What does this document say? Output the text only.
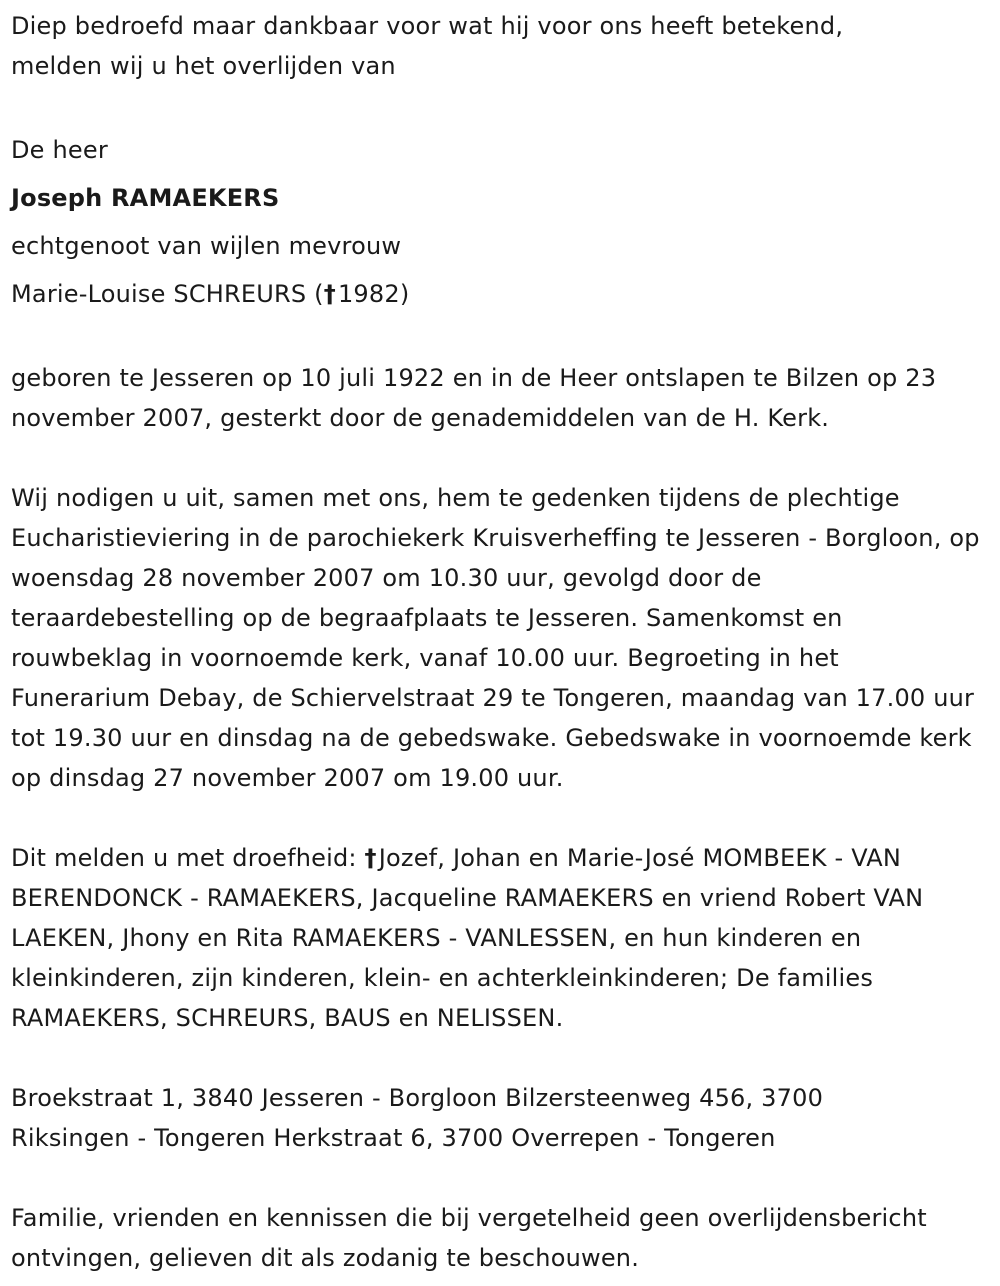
Diep bedroefd maar dankbaar voor wat hij voor ons heeft betekend, melden wij u het overlijden van

De heer

Joseph RAMAEKERS

echtgenoot van wijlen mevrouw

Marie-Louise SCHREURS (†1982)

geboren te Jesseren op 10 juli 1922 en in de Heer ontslapen te Bilzen op 23 november 2007, gesterkt door de genademiddelen van de H. Kerk.

Wij nodigen u uit, samen met ons, hem te gedenken tijdens de plechtige Eucharistieviering in de parochiekerk Kruisverheffing te Jesseren - Borgloon, op woensdag 28 november 2007 om 10.30 uur, gevolgd door de teraardebestelling op de begraafplaats te Jesseren. Samenkomst en rouwbeklag in voornoemde kerk, vanaf 10.00 uur. Begroeting in het Funerarium Debay, de Schiervelstraat 29 te Tongeren, maandag van 17.00 uur tot 19.30 uur en dinsdag na de gebedswake. Gebedswake in voornoemde kerk op dinsdag 27 november 2007 om 19.00 uur.

Dit melden u met droefheid: †Jozef, Johan en Marie-José MOMBEEK - VAN BERENDONCK - RAMAEKERS, Jacqueline RAMAEKERS en vriend Robert VAN LAEKEN, Jhony en Rita RAMAEKERS - VANLESSEN, en hun kinderen en kleinkinderen, zijn kinderen, klein- en achterkleinkinderen; De families RAMAEKERS, SCHREURS, BAUS en NELISSEN.

Broekstraat 1, 3840 Jesseren - Borgloon Bilzersteenweg 456, 3700 Riksingen - Tongeren Herkstraat 6, 3700 Overrepen - Tongeren

Familie, vrienden en kennissen die bij vergetelheid geen overlijdensbericht ontvingen, gelieven dit als zodanig te beschouwen.
